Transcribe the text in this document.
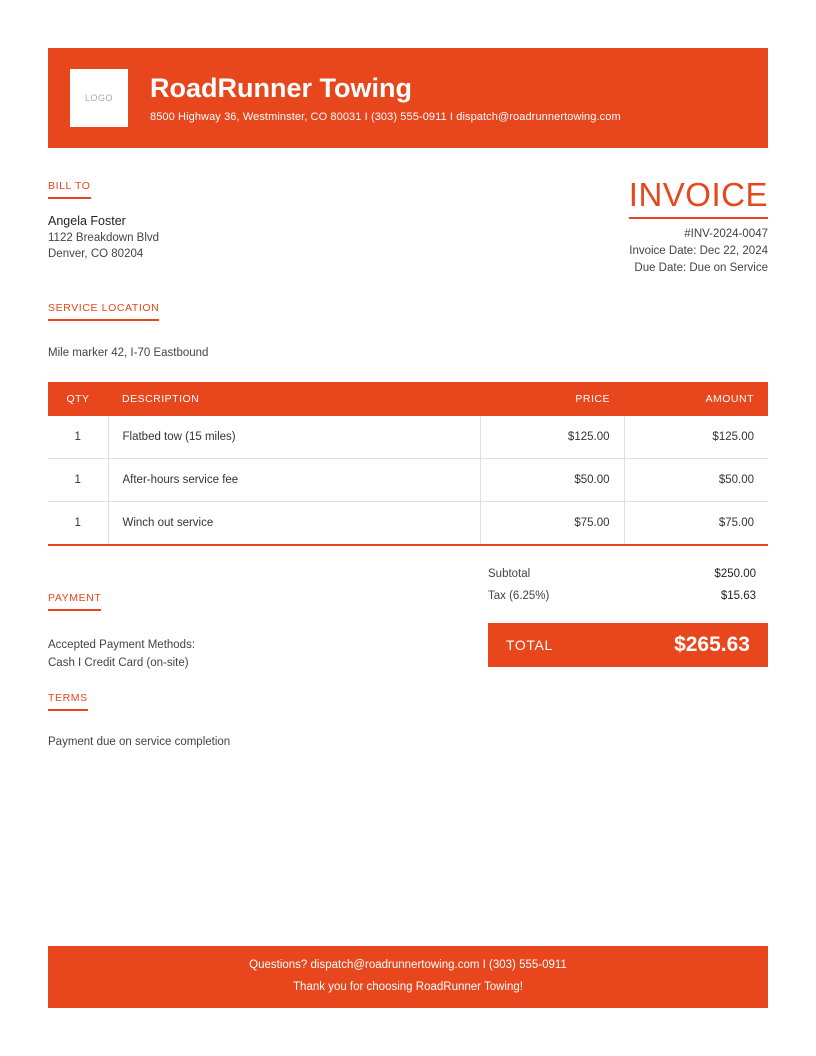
LOGO RoadRunner Towing
8500 Highway 36, Westminster, CO 80031 I (303) 555-0911 I dispatch@roadrunnertowing.com
BILL TO
Angela Foster
1122 Breakdown Blvd
Denver, CO 80204
INVOICE
#INV-2024-0047
Invoice Date: Dec 22, 2024
Due Date: Due on Service
SERVICE LOCATION
Mile marker 42, I-70 Eastbound
QTY	DESCRIPTION	PRICE	AMOUNT
1	Flatbed tow (15 miles)	$125.00	$125.00
1	After-hours service fee	$50.00	$50.00
1	Winch out service	$75.00	$75.00
Subtotal	$250.00
Tax (6.25%)	$15.63
TOTAL	$265.63
PAYMENT
Accepted Payment Methods:
Cash I Credit Card (on-site)
TERMS
Payment due on service completion
Questions? dispatch@roadrunnertowing.com I (303) 555-0911
Thank you for choosing RoadRunner Towing!
